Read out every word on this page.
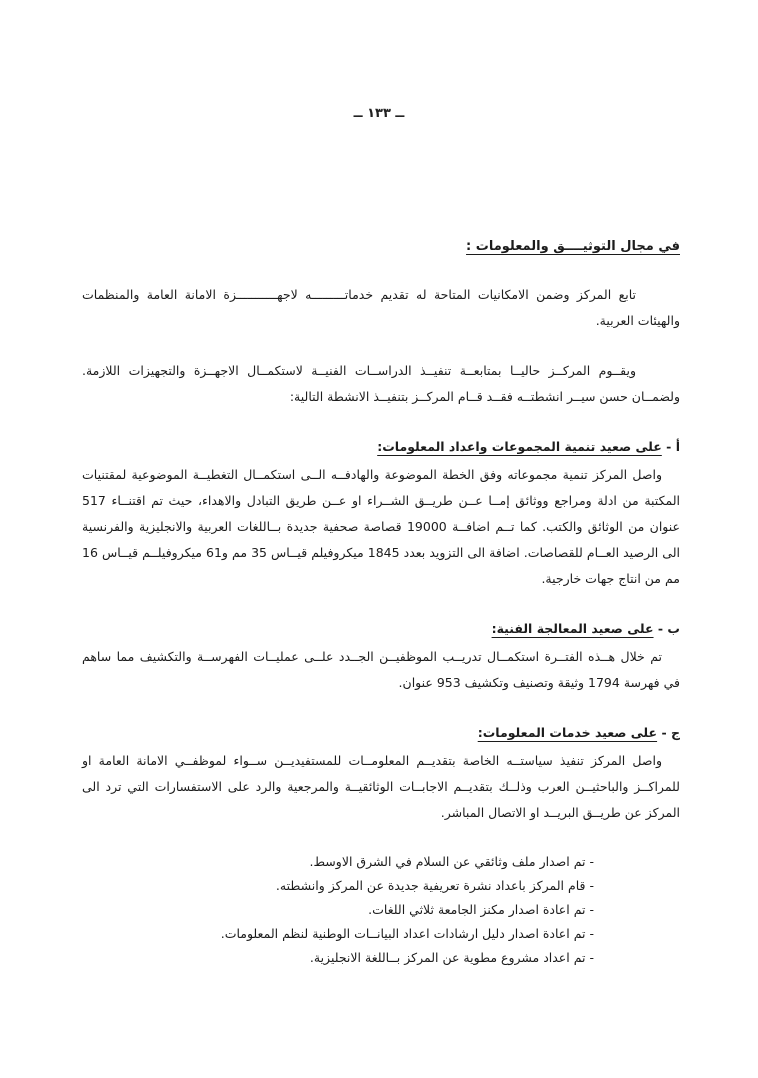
ــ ١٣٣ ــ
في مجال التوثيــــق والمعلومات :

تابع المركز وضمن الامكانيات المتاحة له تقديم خدماتـــــــــه لاجهـــــــــــزة الامانة العامة والمنظمات والهيئات العربية.

ويقــوم المركــز حاليــا بمتابعــة تنفيــذ الدراســات الفنيــة لاستكمــال الاجهــزة والتجهيزات اللازمة. ولضمــان حسن سيــر انشطتــه فقــد قــام المركــز بتنفيــذ الانشطة التالية:

أ - على صعيد تنمية المجموعات واعداد المعلومات:

واصل المركز تنمية مجموعاته وفق الخطة الموضوعة والهادفــه الــى استكمــال التغطيــة الموضوعية لمقتنيات المكتبة من ادلة ومراجع ووثائق إمــا عــن طريــق الشــراء او عــن طريق التبادل والاهداء، حيث تم اقتنــاء 517 عنوان من الوثائق والكتب. كما تــم اضافــة 19000 قصاصة صحفية جديدة بــاللغات العربية والانجليزية والفرنسية الى الرصيد العــام للقصاصات. اضافة الى التزويد بعدد 1845 ميكروفيلم قيــاس 35 مم و61 ميكروفيلــم قيــاس 16 مم من انتاج جهات خارجية.

ب - على صعيد المعالجة الفنية:

تم خلال هــذه الفتــرة استكمــال تدريــب الموظفيــن الجــدد علــى عمليــات الفهرســة والتكشيف مما ساهم في فهرسة 1794 وثيقة وتصنيف وتكشيف 953 عنوان.

ج - على صعيد خدمات المعلومات:

واصل المركز تنفيذ سياستــه الخاصة بتقديــم المعلومــات للمستفيديــن ســواء لموظفــي الامانة العامة او للمراكــز والباحثيــن العرب وذلــك بتقديــم الاجابــات الوثائقيــة والمرجعية والرد على الاستفسارات التي ترد الى المركز عن طريــق البريــد او الاتصال المباشر.

- تم اصدار ملف وثائقي عن السلام في الشرق الاوسط.
- قام المركز باعداد نشرة تعريفية جديدة عن المركز وانشطته.
- تم اعادة اصدار مكنز الجامعة ثلاثي اللغات.
- تم اعادة اصدار دليل ارشادات اعداد البيانــات الوطنية لنظم المعلومات.
- تم اعداد مشروع مطوية عن المركز بــاللغة الانجليزية.
